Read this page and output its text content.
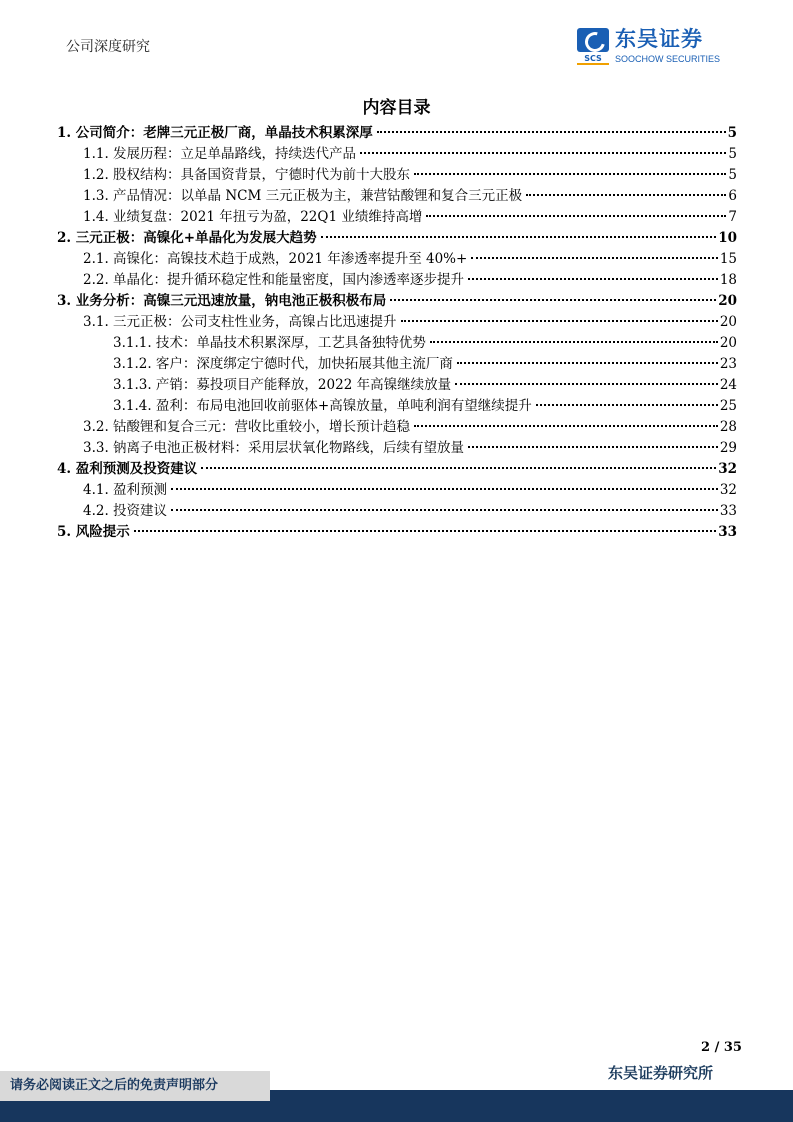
公司深度研究
SCS
东吴证券
SOOCHOW SECURITIES
内容目录
1. 公司简介：老牌三元正极厂商，单晶技术积累深厚	5
1.1. 发展历程：立足单晶路线，持续迭代产品	5
1.2. 股权结构：具备国资背景，宁德时代为前十大股东	5
1.3. 产品情况：以单晶 NCM 三元正极为主，兼营钴酸锂和复合三元正极	6
1.4. 业绩复盘：2021 年扭亏为盈，22Q1 业绩维持高增	7
2. 三元正极：高镍化+单晶化为发展大趋势	10
2.1. 高镍化：高镍技术趋于成熟，2021 年渗透率提升至 40%+	15
2.2. 单晶化：提升循环稳定性和能量密度，国内渗透率逐步提升	18
3. 业务分析：高镍三元迅速放量，钠电池正极积极布局	20
3.1. 三元正极：公司支柱性业务，高镍占比迅速提升	20
3.1.1. 技术：单晶技术积累深厚，工艺具备独特优势	20
3.1.2. 客户：深度绑定宁德时代，加快拓展其他主流厂商	23
3.1.3. 产销：募投项目产能释放，2022 年高镍继续放量	24
3.1.4. 盈利：布局电池回收前驱体+高镍放量，单吨利润有望继续提升	25
3.2. 钴酸锂和复合三元：营收比重较小，增长预计趋稳	28
3.3. 钠离子电池正极材料：采用层状氧化物路线，后续有望放量	29
4. 盈利预测及投资建议	32
4.1. 盈利预测	32
4.2. 投资建议	33
5. 风险提示	33
2 / 35
东吴证券研究所
请务必阅读正文之后的免责声明部分
